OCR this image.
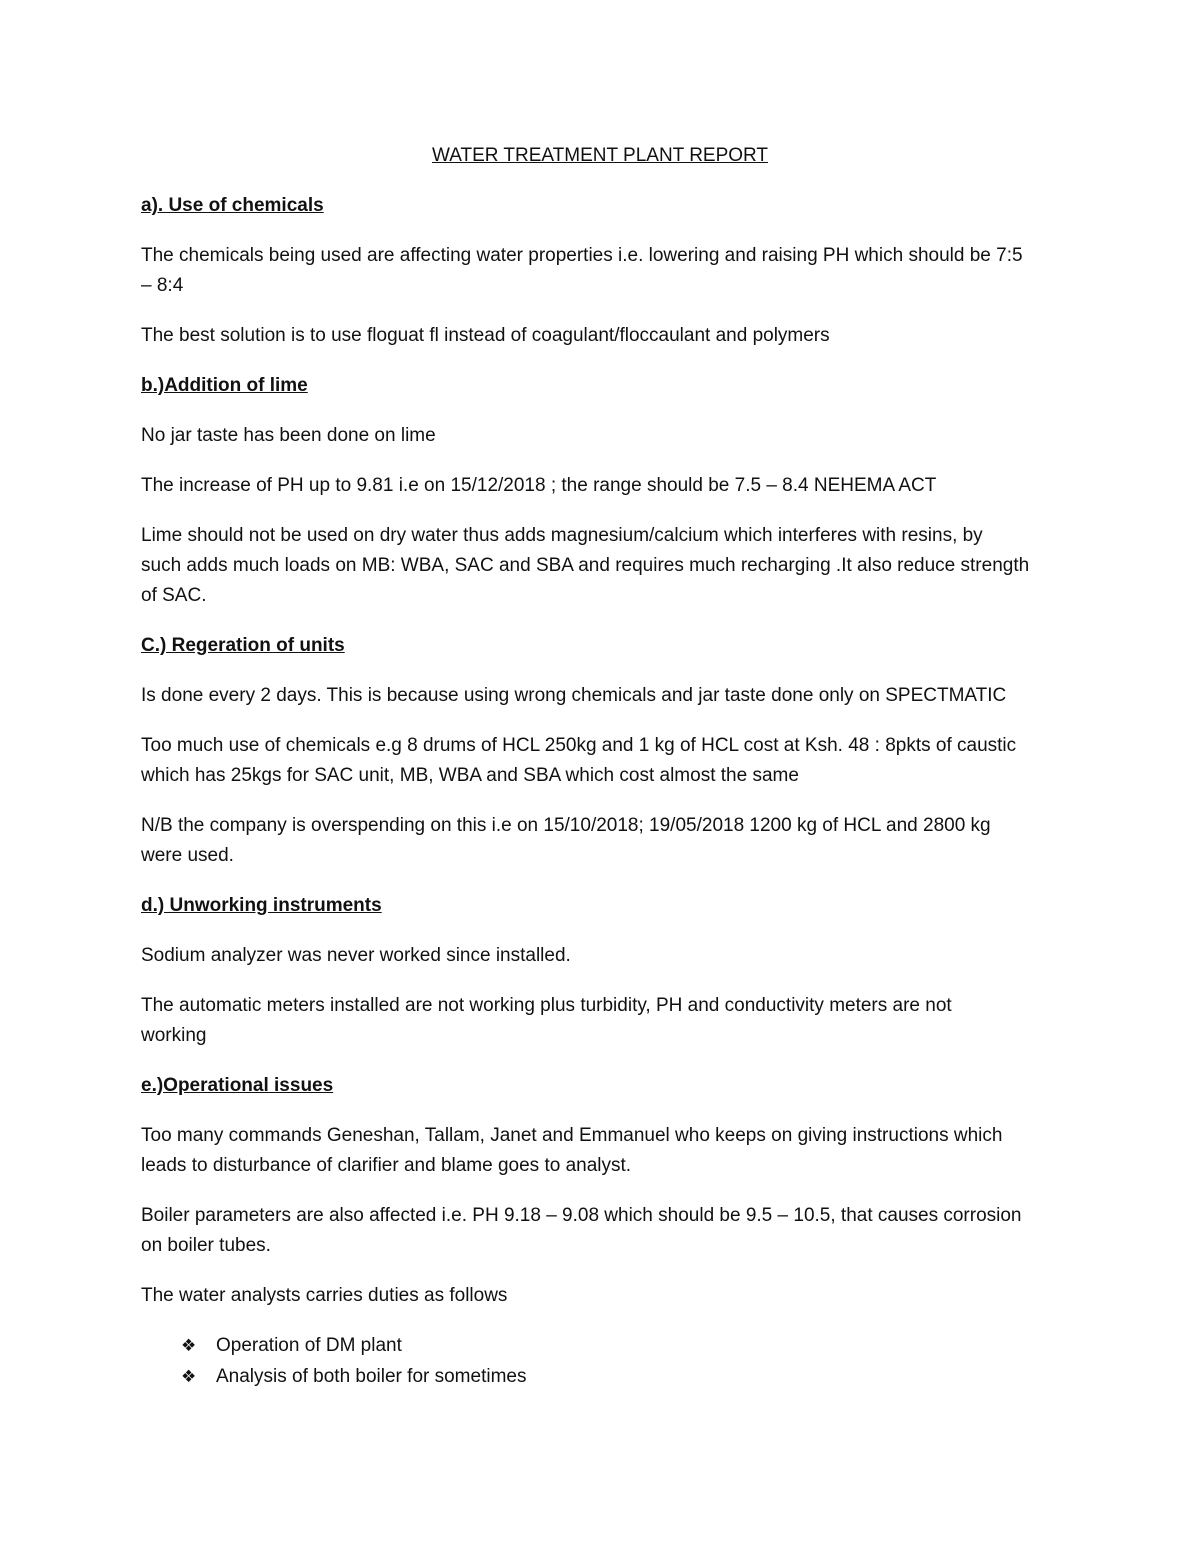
WATER TREATMENT PLANT REPORT
a). Use of chemicals
The chemicals being used are affecting water properties i.e. lowering and raising PH which should be 7:5
– 8:4
The best solution is to use floguat fl instead of coagulant/floccaulant and polymers
b.)Addition of lime
No jar taste has been done on lime
The increase of PH up to 9.81 i.e on 15/12/2018 ; the range should be 7.5 – 8.4 NEHEMA ACT
Lime should not be used on dry water thus adds magnesium/calcium which interferes with resins, by
such adds much loads on MB: WBA, SAC and SBA and requires much recharging .It also reduce strength
of SAC.
C.) Regeration of units
Is done every 2 days. This is because using wrong chemicals and jar taste done only on SPECTMATIC
Too much use of chemicals e.g 8 drums of HCL 250kg and 1 kg of HCL cost at Ksh. 48 : 8pkts of caustic
which has 25kgs for SAC unit, MB, WBA and SBA which cost almost the same
N/B the company is overspending on this i.e on 15/10/2018; 19/05/2018 1200 kg of HCL and 2800 kg
were used.
d.) Unworking instruments
Sodium analyzer was never worked since installed.
The automatic meters installed are not working plus turbidity, PH and conductivity meters are not
working
e.)Operational issues
Too many commands Geneshan, Tallam, Janet and Emmanuel who keeps on giving instructions which
leads to disturbance of clarifier and blame goes to analyst.
Boiler parameters are also affected i.e. PH 9.18 – 9.08 which should be 9.5 – 10.5, that causes corrosion
on boiler tubes.
The water analysts carries duties as follows
❖ Operation of DM plant
❖ Analysis of both boiler for sometimes
